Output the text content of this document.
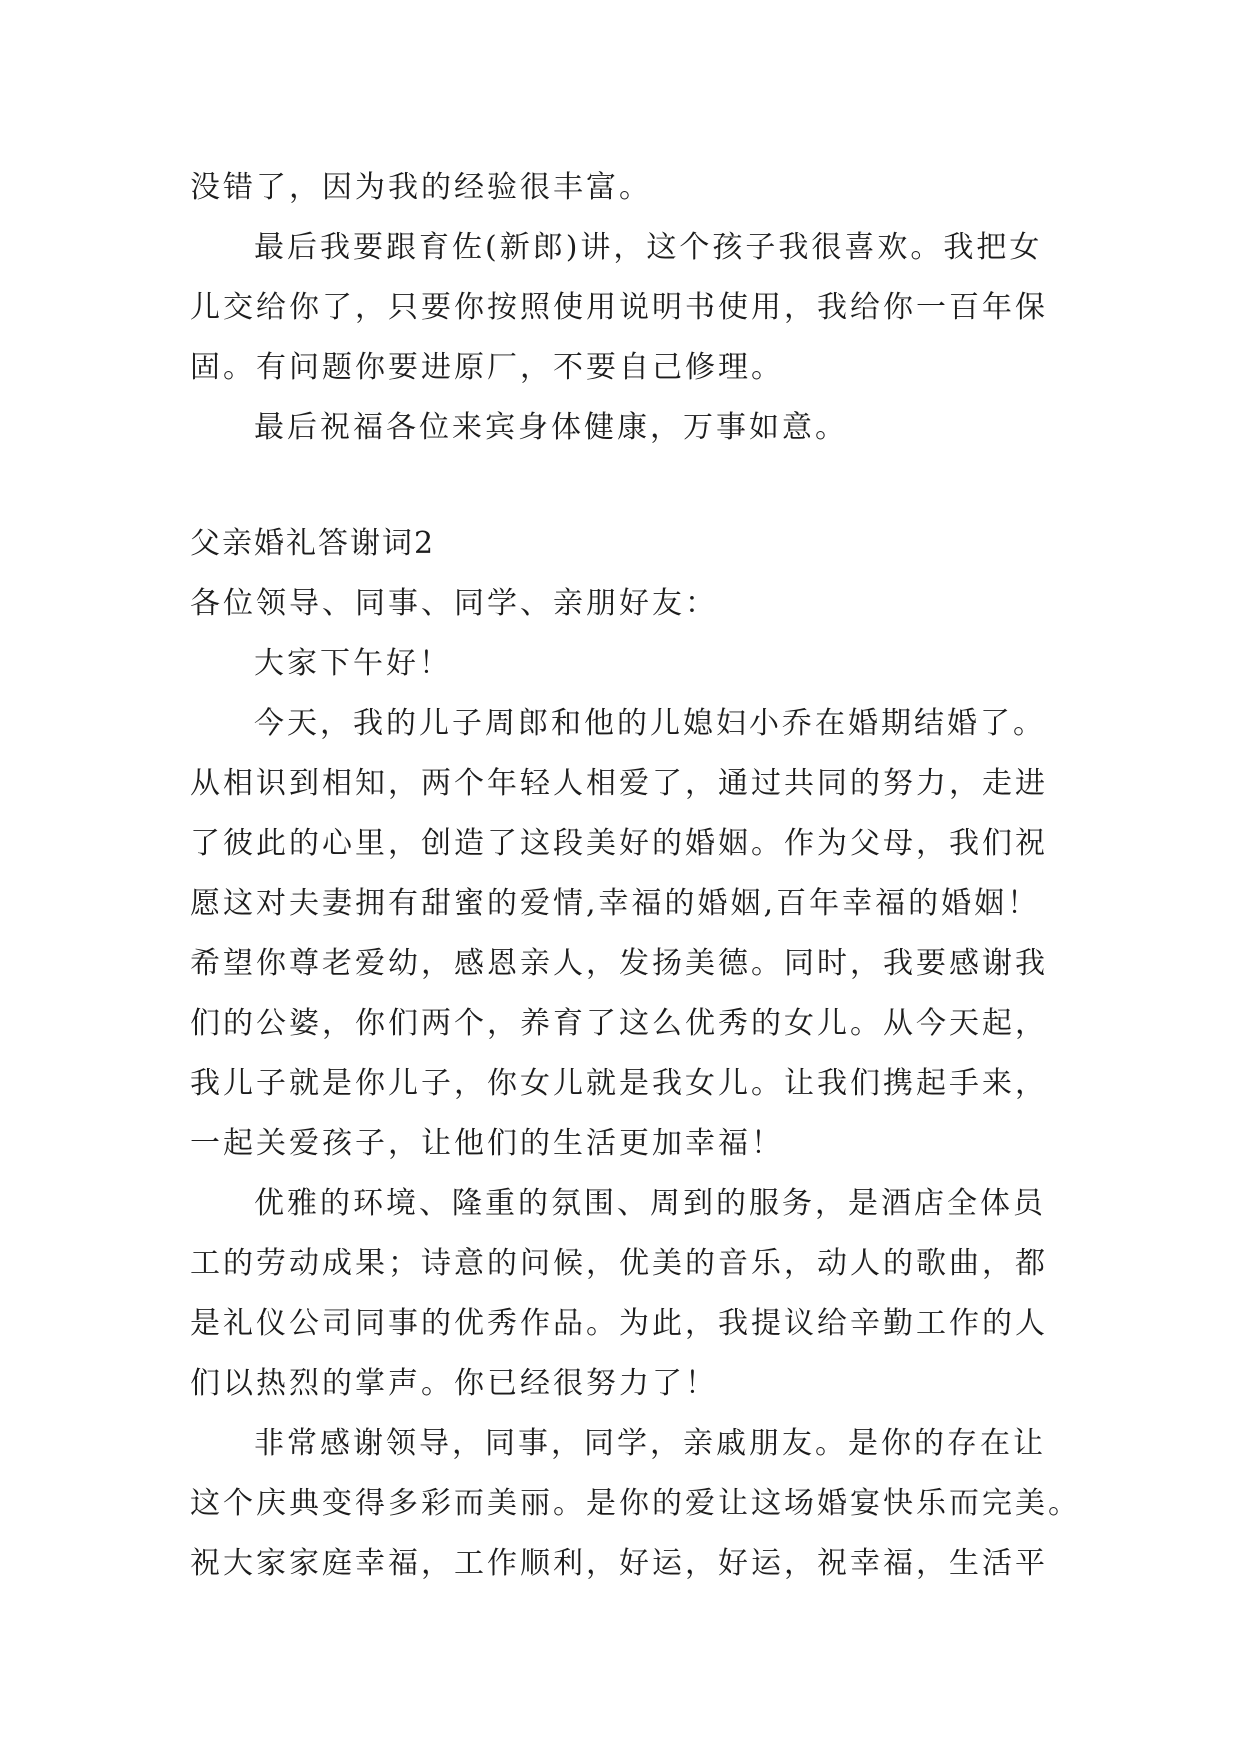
没错了，因为我的经验很丰富。
最后我要跟育佐(新郎)讲，这个孩子我很喜欢。我把女
儿交给你了，只要你按照使用说明书使用，我给你一百年保
固。有问题你要进原厂，不要自己修理。
最后祝福各位来宾身体健康，万事如意。
父亲婚礼答谢词2
各位领导、同事、同学、亲朋好友：
大家下午好！
今天，我的儿子周郎和他的儿媳妇小乔在婚期结婚了。
从相识到相知，两个年轻人相爱了，通过共同的努力，走进
了彼此的心里，创造了这段美好的婚姻。作为父母，我们祝
愿这对夫妻拥有甜蜜的爱情,幸福的婚姻,百年幸福的婚姻！
希望你尊老爱幼，感恩亲人，发扬美德。同时，我要感谢我
们的公婆，你们两个，养育了这么优秀的女儿。从今天起，
我儿子就是你儿子，你女儿就是我女儿。让我们携起手来，
一起关爱孩子，让他们的生活更加幸福！
优雅的环境、隆重的氛围、周到的服务，是酒店全体员
工的劳动成果；诗意的问候，优美的音乐，动人的歌曲，都
是礼仪公司同事的优秀作品。为此，我提议给辛勤工作的人
们以热烈的掌声。你已经很努力了！
非常感谢领导，同事，同学，亲戚朋友。是你的存在让
这个庆典变得多彩而美丽。是你的爱让这场婚宴快乐而完美。
祝大家家庭幸福，工作顺利，好运，好运，祝幸福，生活平
